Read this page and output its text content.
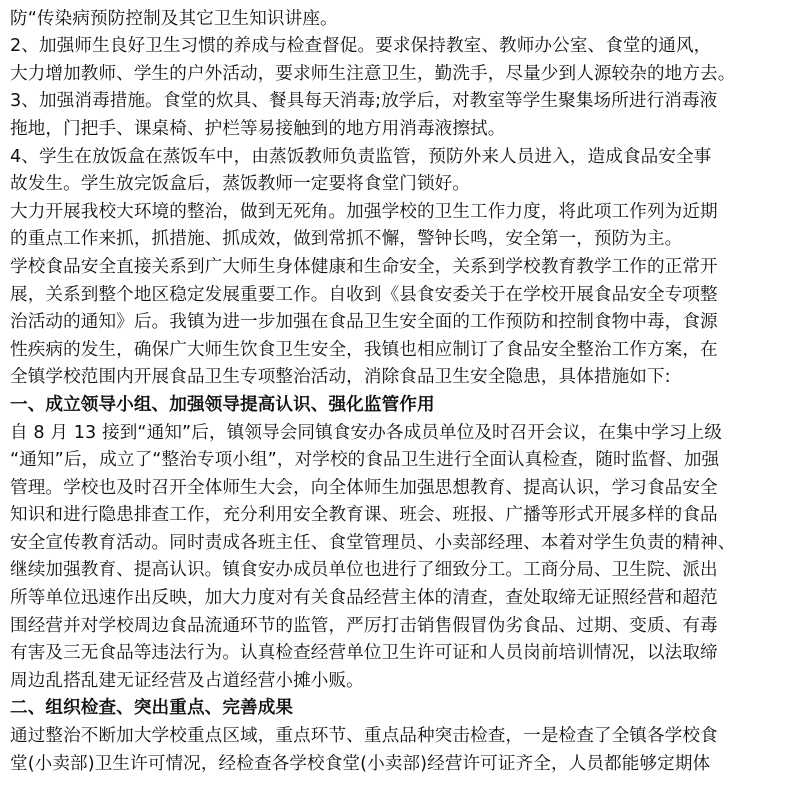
防“传染病预防控制及其它卫生知识讲座。
2、加强师生良好卫生习惯的养成与检查督促。要求保持教室、教师办公室、食堂的通风，
大力增加教师、学生的户外活动，要求师生注意卫生，勤洗手，尽量少到人源较杂的地方去。
3、加强消毒措施。食堂的炊具、餐具每天消毒;放学后，对教室等学生聚集场所进行消毒液
拖地，门把手、课桌椅、护栏等易接触到的地方用消毒液擦拭。
4、学生在放饭盒在蒸饭车中，由蒸饭教师负责监管，预防外来人员进入，造成食品安全事
故发生。学生放完饭盒后，蒸饭教师一定要将食堂门锁好。
大力开展我校大环境的整治，做到无死角。加强学校的卫生工作力度，将此项工作列为近期
的重点工作来抓，抓措施、抓成效，做到常抓不懈，警钟长鸣，安全第一，预防为主。
学校食品安全直接关系到广大师生身体健康和生命安全，关系到学校教育教学工作的正常开
展，关系到整个地区稳定发展重要工作。自收到《县食安委关于在学校开展食品安全专项整
治活动的通知》后。我镇为进一步加强在食品卫生安全面的工作预防和控制食物中毒，食源
性疾病的发生，确保广大师生饮食卫生安全，我镇也相应制订了食品安全整治工作方案，在
全镇学校范围内开展食品卫生专项整治活动，消除食品卫生安全隐患，具体措施如下:
一、成立领导小组、加强领导提高认识、强化监管作用
自 8 月 13 接到“通知”后，镇领导会同镇食安办各成员单位及时召开会议，在集中学习上级
“通知”后，成立了“整治专项小组”，对学校的食品卫生进行全面认真检查，随时监督、加强
管理。学校也及时召开全体师生大会，向全体师生加强思想教育、提高认识，学习食品安全
知识和进行隐患排查工作，充分利用安全教育课、班会、班报、广播等形式开展多样的食品
安全宣传教育活动。同时责成各班主任、食堂管理员、小卖部经理、本着对学生负责的精神、
继续加强教育、提高认识。镇食安办成员单位也进行了细致分工。工商分局、卫生院、派出
所等单位迅速作出反映，加大力度对有关食品经营主体的清查，查处取缔无证照经营和超范
围经营并对学校周边食品流通环节的监管，严厉打击销售假冒伪劣食品、过期、变质、有毒
有害及三无食品等违法行为。认真检查经营单位卫生许可证和人员岗前培训情况，以法取缔
周边乱搭乱建无证经营及占道经营小摊小贩。
二、组织检查、突出重点、完善成果
通过整治不断加大学校重点区域，重点环节、重点品种突击检查，一是检查了全镇各学校食
堂(小卖部)卫生许可情况，经检查各学校食堂(小卖部)经营许可证齐全，人员都能够定期体
